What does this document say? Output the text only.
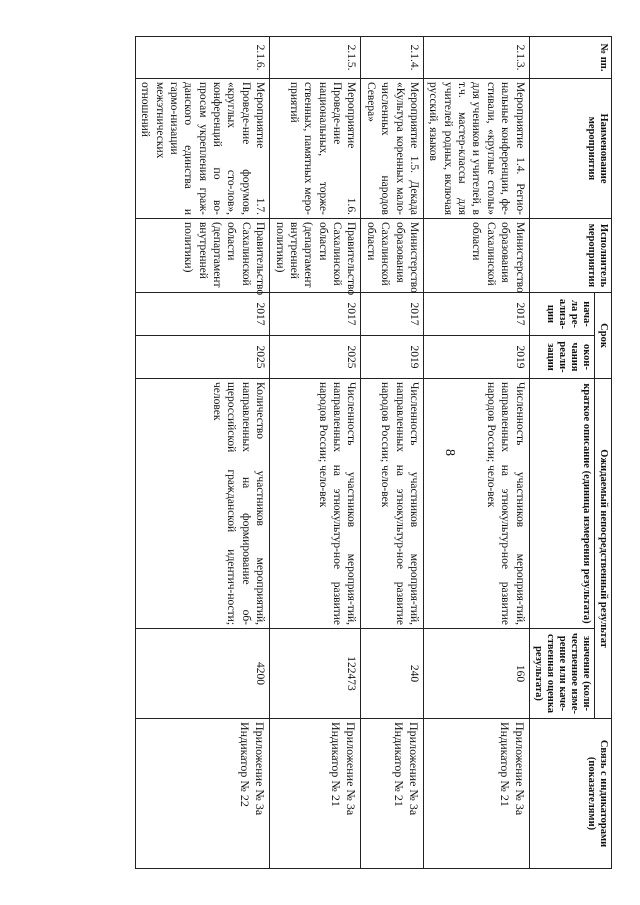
8
№ пп.	Наименование мероприятия	Исполнитель мероприятия	Срок		Ожидаемый непосредственный результат		Связь с индикаторами (показателями)
			нача-ла ре-ализа-ции	окон-чания реали-зации	краткое описание (единица измерения результата)	значение (коли-чественное изме-рение или каче-ственная оценка результата)	
2.1.3.	Мероприятие 1.4. Регио-нальные конференции, фе-стивали, «круглые столы» для учеников и учителей, в т.ч. мастер-классы для учителей родных, включая русский, языков	Министерство образования Сахалинской области	2017	2019	Численность участников мероприя-тий, направленных на этнокультур-ное развитие народов России; чело-век	160	Приложение № 3а Индикатор № 21
2.1.4.	Мероприятие 1.5. Декада «Культура коренных мало-численных народов Севера»	Министерство образования Сахалинской области	2017	2019	Численность участников мероприя-тий, направленных на этнокультур-ное развитие народов России; чело-век	240	Приложение № 3а Индикатор № 21
2.1.5.	Мероприятие 1.6. Проведе-ние национальных, торже-ственных, памятных меро-приятий	Правительство Сахалинской области (департамент внутренней политики)	2017	2025	Численность участников мероприя-тий, направленных на этнокультур-ное развитие народов России; чело-век	122473	Приложение № 3а Индикатор № 21
2.1.6.	Мероприятие 1.7. Проведе-ние форумов, «круглых сто-лов», конференций по во-просам укрепления граж-данского единства и гармо-низации межэтнических отношений	Правительство Сахалинской области (департамент внутренней политики)	2017	2025	Количество участников мероприятий, направленных на формирование об-щероссийской гражданской идентич-ности; человек	4200	Приложение № 3а Индикатор № 22
